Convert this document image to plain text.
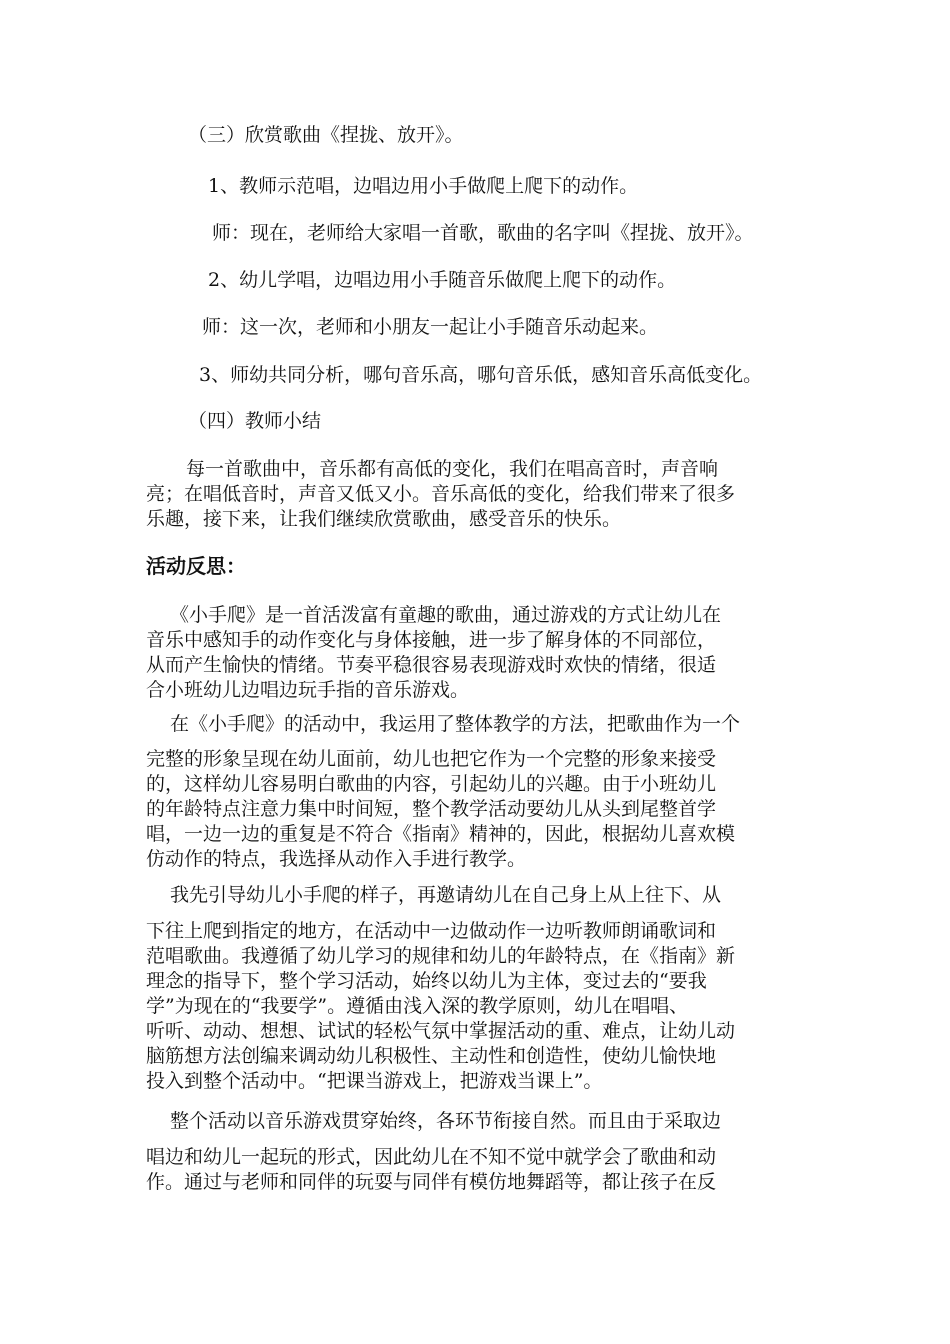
（三）欣赏歌曲《捏拢、放开》。

1、教师示范唱，边唱边用小手做爬上爬下的动作。

师：现在，老师给大家唱一首歌，歌曲的名字叫《捏拢、放开》。

2、幼儿学唱，边唱边用小手随音乐做爬上爬下的动作。

师：这一次，老师和小朋友一起让小手随音乐动起来。

3、师幼共同分析，哪句音乐高，哪句音乐低，感知音乐高低变化。

（四）教师小结

每一首歌曲中，音乐都有高低的变化，我们在唱高音时，声音响

亮；在唱低音时，声音又低又小。音乐高低的变化，给我们带来了很多

乐趣，接下来，让我们继续欣赏歌曲，感受音乐的快乐。

活动反思：

《小手爬》是一首活泼富有童趣的歌曲，通过游戏的方式让幼儿在

音乐中感知手的动作变化与身体接触，进一步了解身体的不同部位，

从而产生愉快的情绪。节奏平稳很容易表现游戏时欢快的情绪，很适

合小班幼儿边唱边玩手指的音乐游戏。

在《小手爬》的活动中，我运用了整体教学的方法，把歌曲作为一个

完整的形象呈现在幼儿面前，幼儿也把它作为一个完整的形象来接受

的，这样幼儿容易明白歌曲的内容，引起幼儿的兴趣。由于小班幼儿

的年龄特点注意力集中时间短，整个教学活动要幼儿从头到尾整首学

唱，一边一边的重复是不符合《指南》精神的，因此，根据幼儿喜欢模

仿动作的特点，我选择从动作入手进行教学。

我先引导幼儿小手爬的样子，再邀请幼儿在自己身上从上往下、从

下往上爬到指定的地方，在活动中一边做动作一边听教师朗诵歌词和

范唱歌曲。我遵循了幼儿学习的规律和幼儿的年龄特点，在《指南》新

理念的指导下，整个学习活动，始终以幼儿为主体，变过去的“要我

学”为现在的“我要学”。遵循由浅入深的教学原则，幼儿在唱唱、

听听、动动、想想、试试的轻松气氛中掌握活动的重、难点，让幼儿动

脑筋想方法创编来调动幼儿积极性、主动性和创造性，使幼儿愉快地

投入到整个活动中。“把课当游戏上，把游戏当课上”。

整个活动以音乐游戏贯穿始终，各环节衔接自然。而且由于采取边

唱边和幼儿一起玩的形式，因此幼儿在不知不觉中就学会了歌曲和动

作。通过与老师和同伴的玩耍与同伴有模仿地舞蹈等，都让孩子在反
